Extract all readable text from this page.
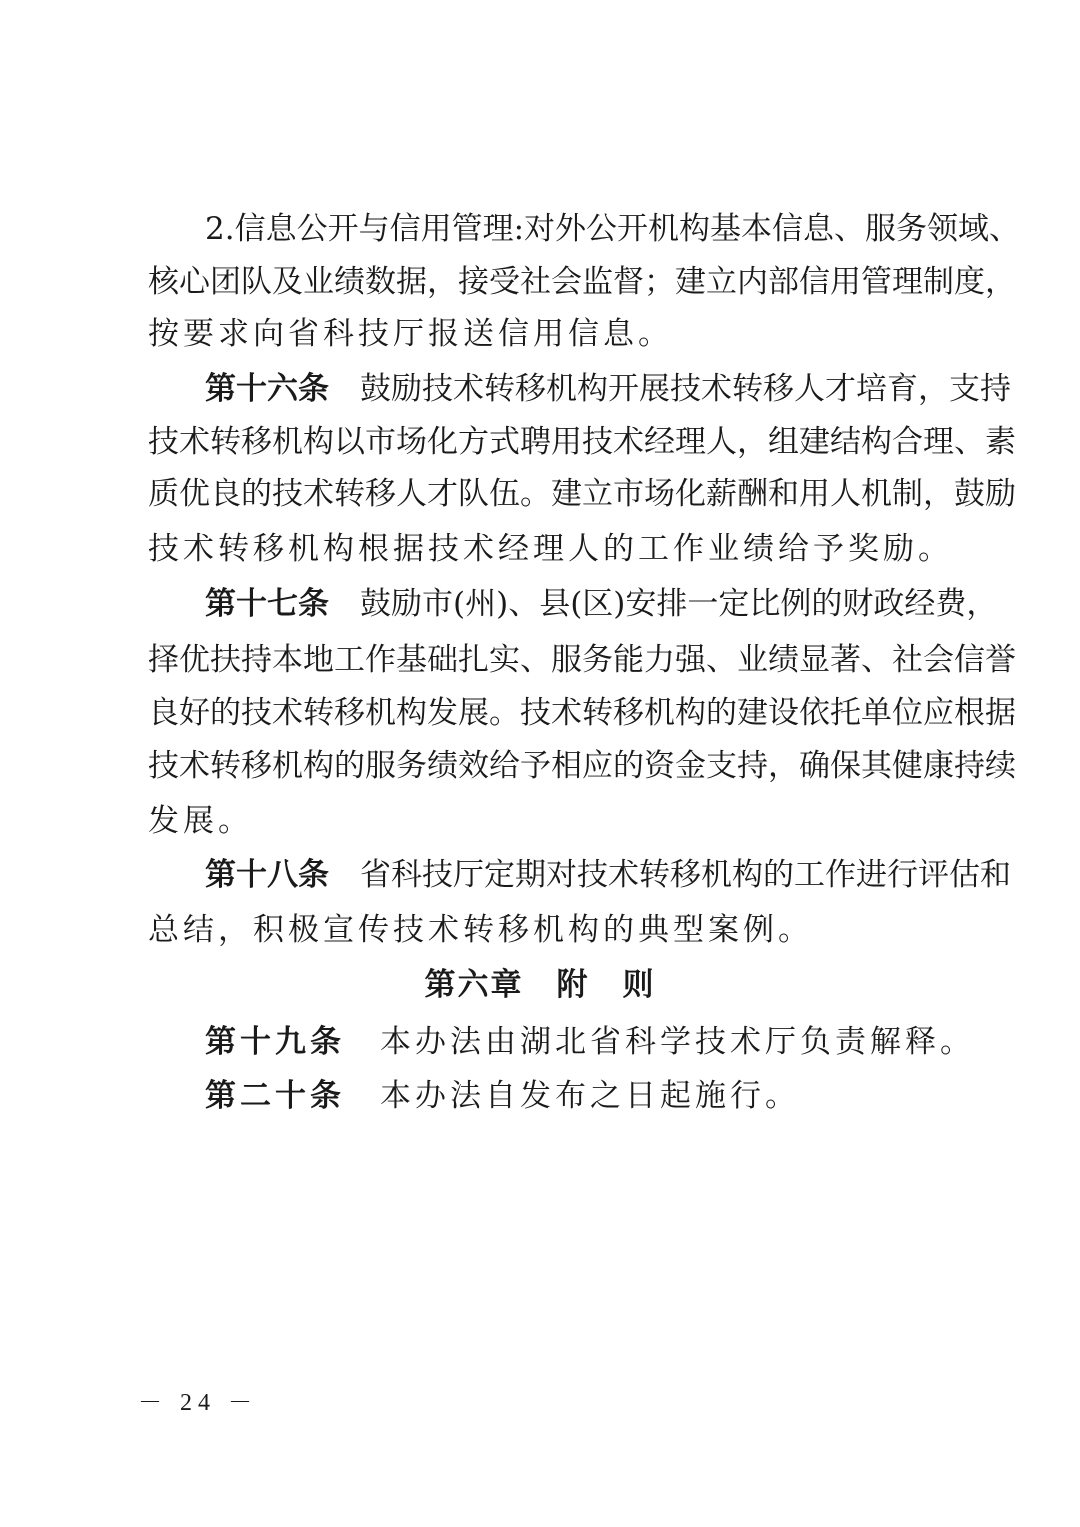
2.信息公开与信用管理:对外公开机构基本信息、服务领域、
核心团队及业绩数据，接受社会监督；建立内部信用管理制度，
按要求向省科技厅报送信用信息。
第十六条  鼓励技术转移机构开展技术转移人才培育，支持
技术转移机构以市场化方式聘用技术经理人，组建结构合理、素
质优良的技术转移人才队伍。建立市场化薪酬和用人机制，鼓励
技术转移机构根据技术经理人的工作业绩给予奖励。
第十七条  鼓励市(州)、县(区)安排一定比例的财政经费，
择优扶持本地工作基础扎实、服务能力强、业绩显著、社会信誉
良好的技术转移机构发展。技术转移机构的建设依托单位应根据
技术转移机构的服务绩效给予相应的资金支持，确保其健康持续
发展。
第十八条  省科技厅定期对技术转移机构的工作进行评估和
总结，积极宣传技术转移机构的典型案例。
第六章　附　则
第十九条  本办法由湖北省科学技术厅负责解释。
第二十条  本办法自发布之日起施行。
－ 24 －
